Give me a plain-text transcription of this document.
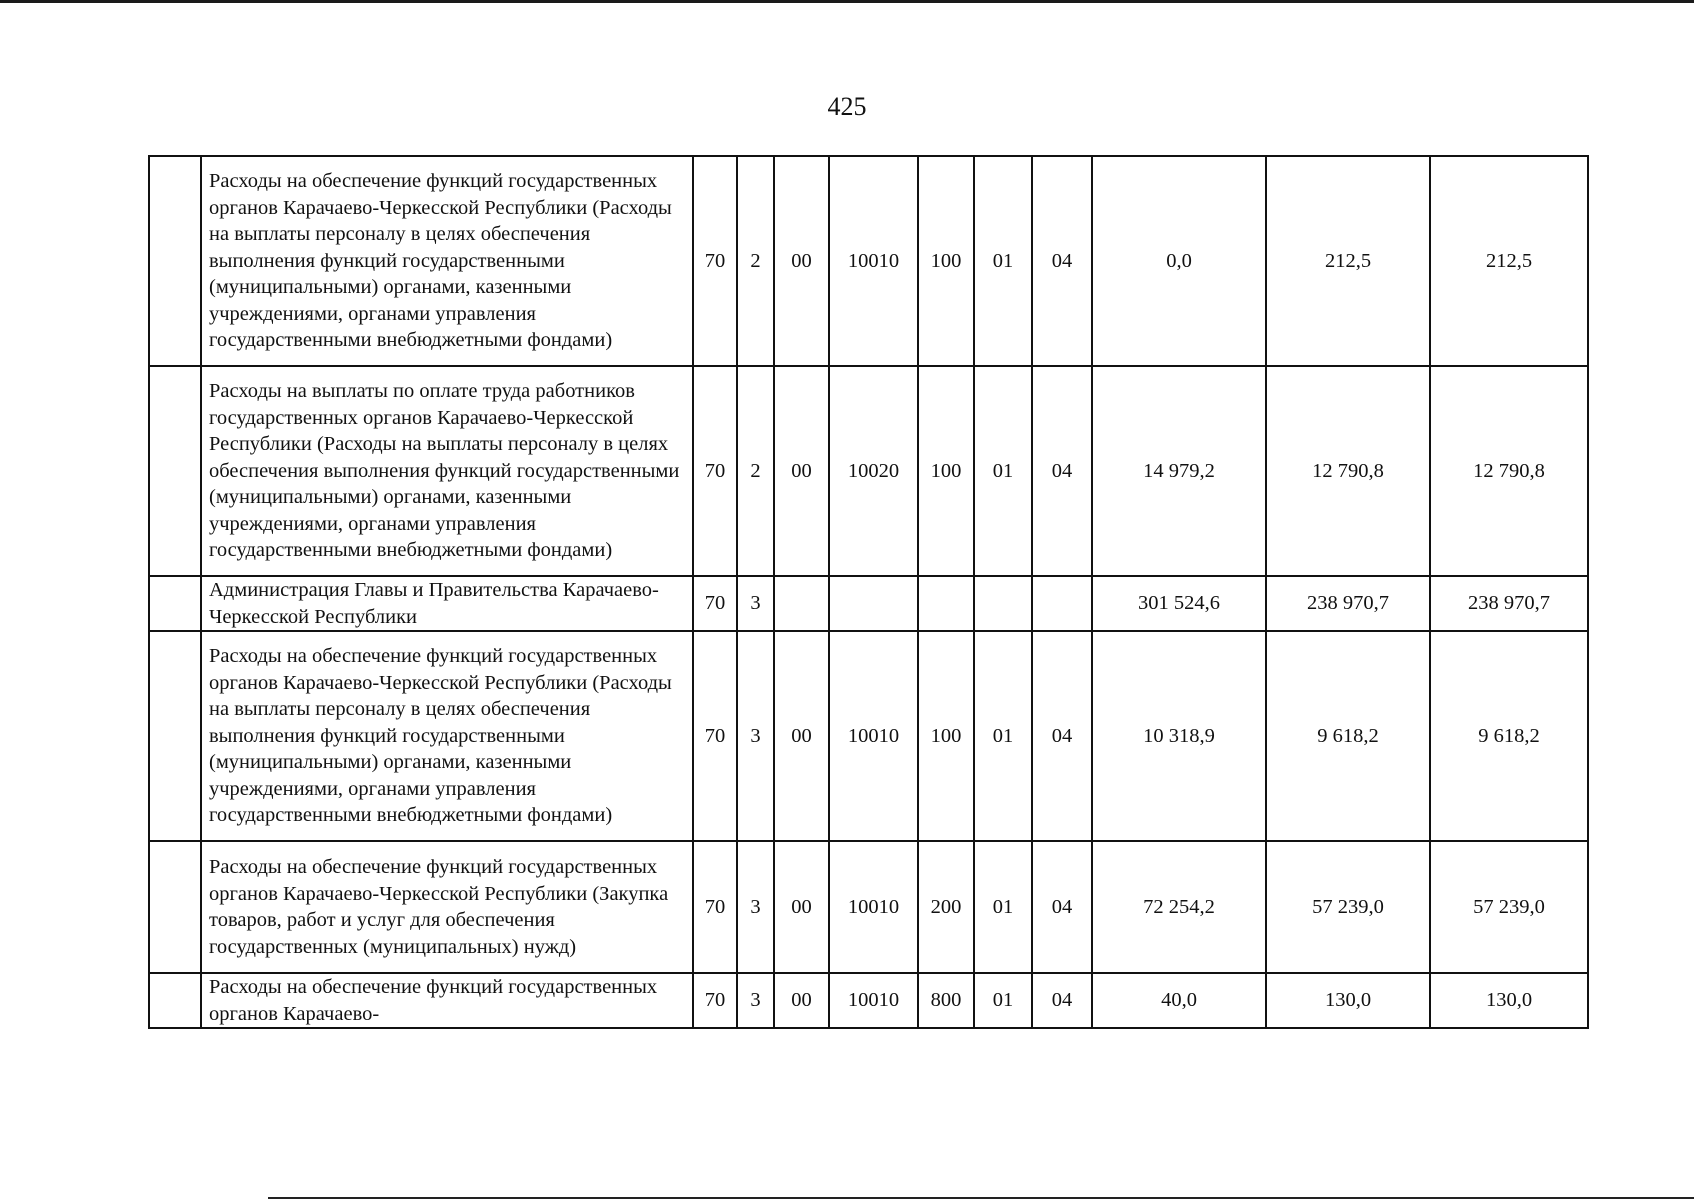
425
	Расходы на обеспечение функций государственных органов Карачаево-Черкесской Республики (Расходы на выплаты персоналу в целях обеспечения выполнения функций государственными (муниципальными) органами, казенными учреждениями, органами управления государственными внебюджетными фондами)	70	2	00	10010	100	01	04	0,0	212,5	212,5
	Расходы на выплаты по оплате труда работников государственных органов Карачаево-Черкесской Республики (Расходы на выплаты персоналу в целях обеспечения выполнения функций государственными (муниципальными) органами, казенными учреждениями, органами управления государственными внебюджетными фондами)	70	2	00	10020	100	01	04	14 979,2	12 790,8	12 790,8
	Администрация Главы и Правительства Карачаево-Черкесской Республики	70	3						301 524,6	238 970,7	238 970,7
	Расходы на обеспечение функций государственных органов Карачаево-Черкесской Республики (Расходы на выплаты персоналу в целях обеспечения выполнения функций государственными (муниципальными) органами, казенными учреждениями, органами управления государственными внебюджетными фондами)	70	3	00	10010	100	01	04	10 318,9	9 618,2	9 618,2
	Расходы на обеспечение функций государственных органов Карачаево-Черкесской Республики (Закупка товаров, работ и услуг для обеспечения государственных (муниципальных) нужд)	70	3	00	10010	200	01	04	72 254,2	57 239,0	57 239,0
	Расходы на обеспечение функций государственных органов Карачаево-	70	3	00	10010	800	01	04	40,0	130,0	130,0
